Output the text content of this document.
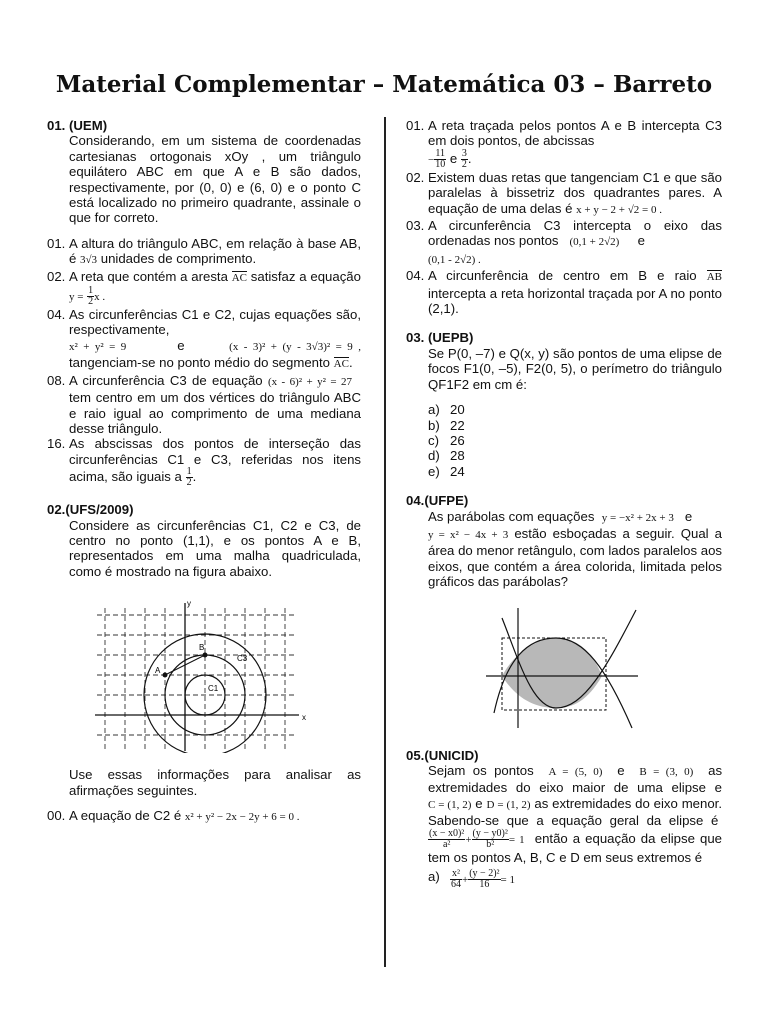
Material Complementar – Matemática 03 – Barreto
01. (UEM)
Considerando, em um sistema de coordenadas cartesianas ortogonais xOy , um triângulo equilátero ABC em que A e B são dados, respectivamente, por (0, 0) e (6, 0) e o ponto C está localizado no primeiro quadrante, assinale o que for correto.
01. A altura do triângulo ABC, em relação à base AB, é 3√3 unidades de comprimento.
02. A reta que contém a aresta AC satisfaz a equação $y = \frac{1}{2}$ x .
04. As circunferências C1 e C2, cujas equações são, respectivamente,
x² + y² = 9	e	(x - 3)² + (y - 3√3)² = 9 , tangenciam-se no ponto médio do segmento AC.
08. A circunferência C3 de equação (x - 6)² + y² = 27   tem centro em um dos vértices do triângulo ABC e raio igual ao comprimento de uma mediana desse triângulo.
16. As abscissas dos pontos de interseção das circunferências C1 e C3, referidas nos itens acima, são iguais a $\frac{1}{2}$ .
02.(UFS/2009)
Considere as circunferências C1, C2 e C3, de centro no ponto (1,1), e os pontos A e B, representados em uma malha quadriculada, como é mostrado na figura abaixo.
y
x
A
B
C1
C3
Use essas informações para analisar as afirmações seguintes.
00. A equação de C2 é x² + y² − 2x − 2y + 6 = 0 .
01. A reta traçada pelos pontos A e B intercepta C3 em dois pontos, de abcissas
− $\frac{11}{10}$ e $\frac{3}{2}$ .
02. Existem duas retas que tangenciam C1 e que são paralelas à bissetriz dos quadrantes pares. A equação de uma delas é x + y − 2 + √2 = 0 .
03. A circunferência C3 intercepta o eixo das ordenadas nos pontos (0,1 + 2√2) e
(0,1 - 2√2) .
04. A circunferência de centro em B e raio AB intercepta a reta horizontal traçada por A no ponto (2,1).
03. (UEPB)
Se P(0, –7) e Q(x, y) são pontos de uma elipse de focos F1(0, –5), F2(0, 5), o perímetro do triângulo QF1F2 em cm é:
a) 20
b) 22
c) 26
d) 28
e) 24
04.(UFPE)
As parábolas com equações y = −x² + 2x + 3 e
y = x² − 4x + 3 estão esboçadas a seguir. Qual a área do menor retângulo, com lados paralelos aos eixos, que contém a área colorida, limitada pelos gráficos das parábolas?
05.(UNICID)
Sejam os pontos A = (5, 0) e B = (3, 0) as extremidades do eixo maior de uma elipse e C = (1, 2) e D = (1, 2) as extremidades do eixo menor. Sabendo-se que a equação geral da elipse é
$\frac{\text{(x − x0)²}}{\text{a²}} + \frac{\text{(y − y0)²}}{\text{b²}} = 1$ então a equação da elipse que tem os pontos A, B, C e D em seus extremos é
a)	$\frac{\text{x²}}{64} + \frac{\text{(y − 2)²}}{16} = 1$
